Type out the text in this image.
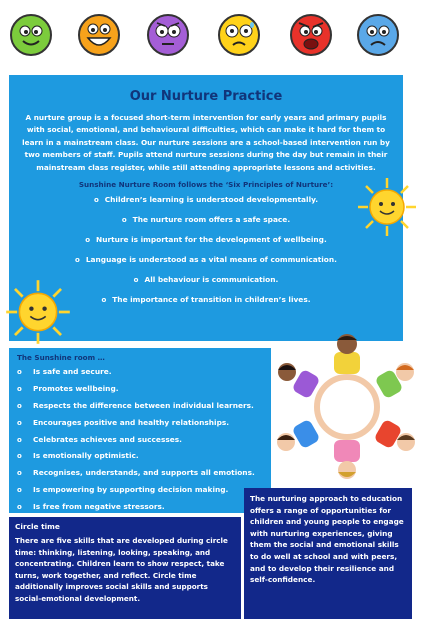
Our Nurture Practice

A nurture group is a focused short-term intervention for early years and primary pupils with social, emotional, and behavioural difficulties, which can make it hard for them to learn in a mainstream class. Our nurture sessions are a school-based intervention run by two members of staff. Pupils attend nurture sessions during the day but remain in their mainstream class register, while still attending appropriate lessons and activities.

Sunshine Nurture Room follows the ‘Six Principles of Nurture’:

o Children’s learning is understood developmentally.
o The nurture room offers a safe space.
o Nurture is important for the development of wellbeing.
o Language is understood as a vital means of communication.
o All behaviour is communication.
o The importance of transition in children’s lives.
The Sunshine room …
o Is safe and secure.
o Promotes wellbeing.
o Respects the difference between individual learners.
o Encourages positive and healthy relationships.
o Celebrates achieves and successes.
o Is emotionally optimistic.
o Recognises, understands, and supports all emotions.
o Is empowering by supporting decision making.
o Is free from negative stressors.
Circle time

There are five skills that are developed during circle time: thinking, listening, looking, speaking, and concentrating. Children learn to show respect, take turns, work together, and reflect. Circle time additionally improves social skills and supports social-emotional development.

The nurturing approach to education offers a range of opportunities for children and young people to engage with nurturing experiences, giving them the social and emotional skills to do well at school and with peers, and to develop their resilience and self-confidence.
